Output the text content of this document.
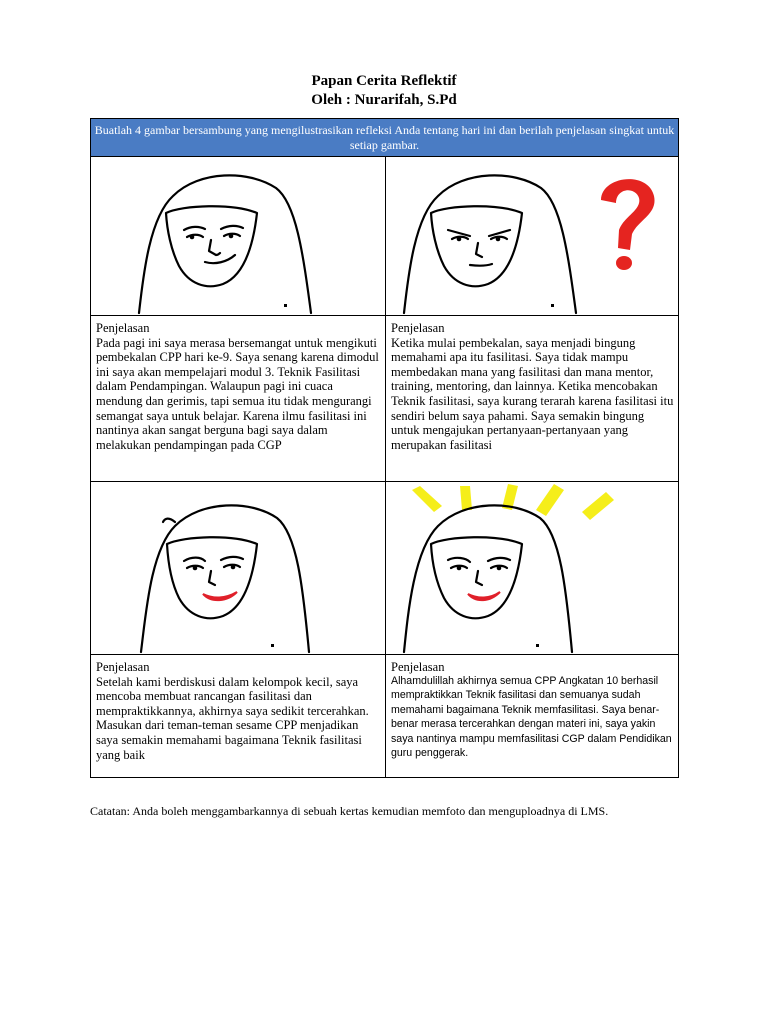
Papan Cerita Reflektif
Oleh : Nurarifah, S.Pd
Buatlah 4 gambar bersambung yang mengilustrasikan refleksi Anda tentang hari ini dan berilah penjelasan singkat untuk setiap gambar.
Penjelasan
Pada pagi ini saya merasa bersemangat untuk mengikuti pembekalan CPP hari ke-9. Saya senang karena dimodul ini saya akan mempelajari modul 3. Teknik Fasilitasi dalam Pendampingan. Walaupun pagi ini cuaca mendung dan gerimis, tapi semua itu tidak mengurangi semangat saya untuk belajar. Karena ilmu fasilitasi ini nantinya akan sangat berguna bagi saya dalam melakukan pendampingan pada CGP
Penjelasan
Ketika mulai pembekalan, saya menjadi bingung memahami apa itu fasilitasi. Saya tidak mampu membedakan mana yang fasilitasi dan mana mentor, training, mentoring, dan lainnya. Ketika mencobakan Teknik fasilitasi, saya kurang terarah karena fasilitasi itu sendiri belum saya pahami. Saya semakin bingung untuk mengajukan pertanyaan-pertanyaan yang merupakan fasilitasi
Penjelasan
Setelah kami berdiskusi dalam kelompok kecil, saya mencoba membuat rancangan fasilitasi dan mempraktikkannya, akhirnya saya sedikit tercerahkan. Masukan dari teman-teman sesame CPP menjadikan saya semakin memahami bagaimana Teknik fasilitasi yang baik
Penjelasan
Alhamdulillah akhirnya semua CPP Angkatan 10 berhasil mempraktikkan Teknik fasilitasi dan semuanya sudah memahami bagaimana Teknik memfasilitasi. Saya benar-benar merasa tercerahkan dengan materi ini, saya yakin saya nantinya mampu memfasilitasi CGP dalam Pendidikan guru penggerak.
Catatan: Anda boleh menggambarkannya di sebuah kertas kemudian memfoto dan menguploadnya di LMS.
